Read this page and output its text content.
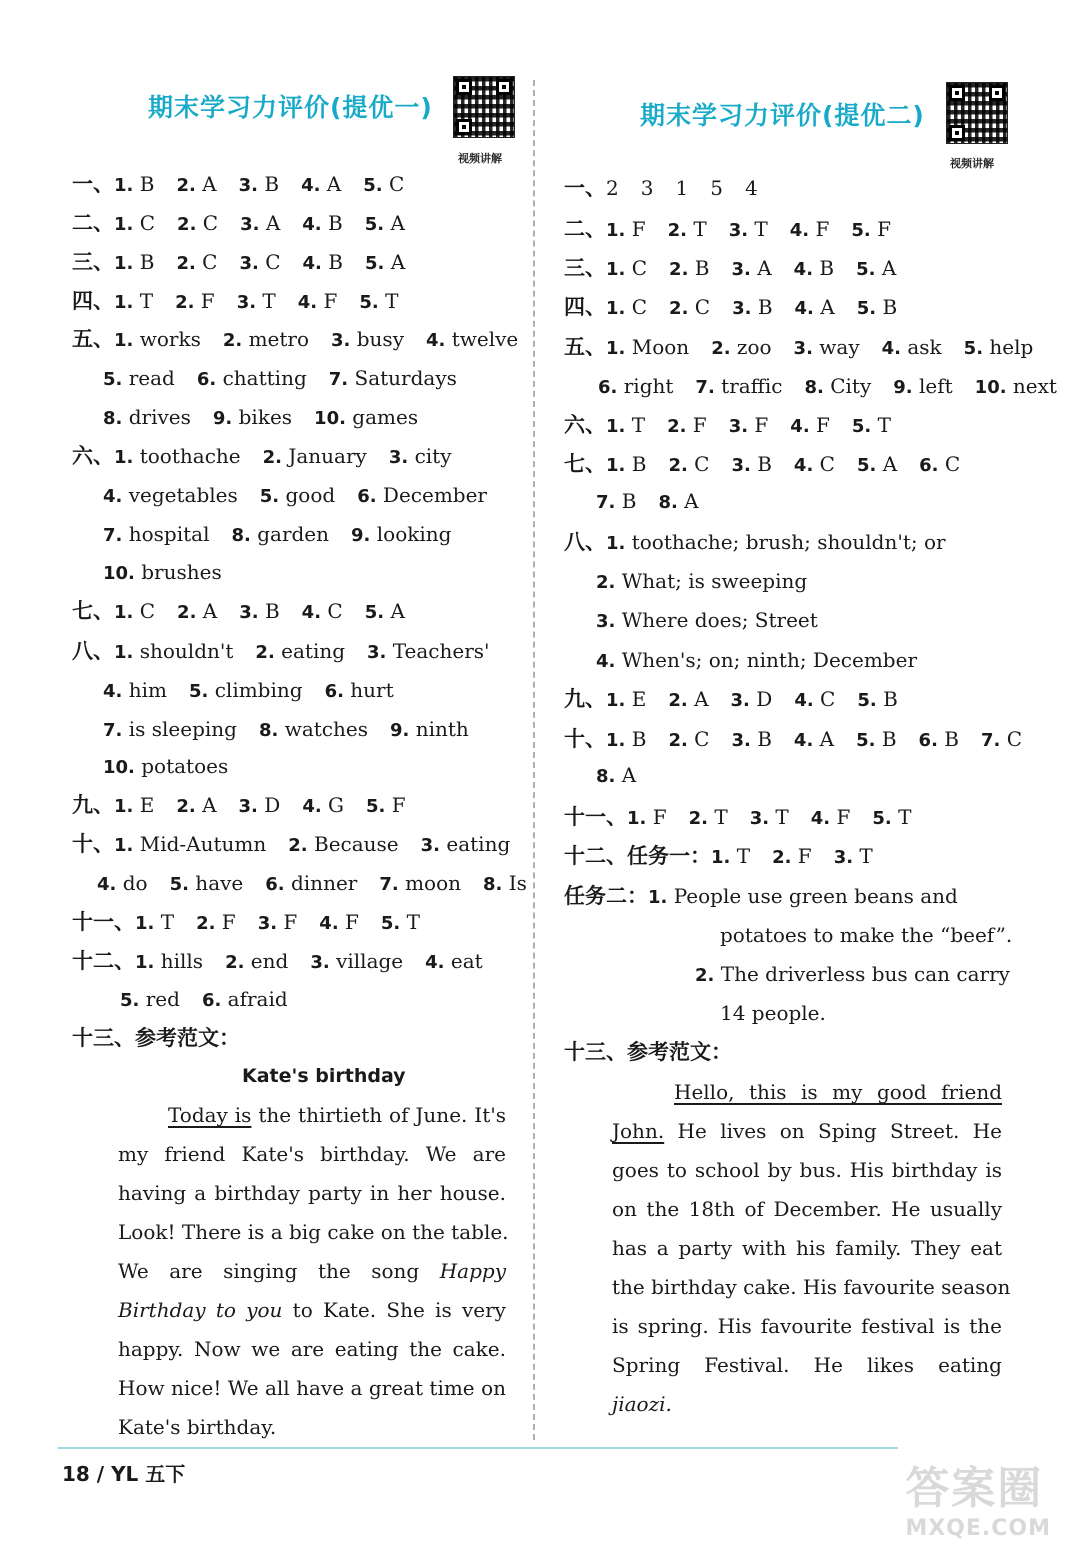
期末学习力评价(提优一)
视频讲解
一、1. B 2. A 3. B 4. A 5. C
二、1. C 2. C 3. A 4. B 5. A
三、1. B 2. C 3. C 4. B 5. A
四、1. T 2. F 3. T 4. F 5. T
五、1. works 2. metro 3. busy 4. twelve
5. read 6. chatting 7. Saturdays
8. drives 9. bikes 10. games
六、1. toothache 2. January 3. city
4. vegetables 5. good 6. December
7. hospital 8. garden 9. looking
10. brushes
七、1. C 2. A 3. B 4. C 5. A
八、1. shouldn't 2. eating 3. Teachers'
4. him 5. climbing 6. hurt
7. is sleeping 8. watches 9. ninth
10. potatoes
九、1. E 2. A 3. D 4. G 5. F
十、1. Mid-Autumn 2. Because 3. eating
4. do 5. have 6. dinner 7. moon 8. Is
十一、1. T 2. F 3. F 4. F 5. T
十二、1. hills 2. end 3. village 4. eat
5. red 6. afraid
十三、参考范文：
Kate's birthday
Today is the thirtieth of June. It's
my friend Kate's birthday. We are
having a birthday party in her house.
Look! There is a big cake on the table.
We are singing the song Happy
Birthday to you to Kate. She is very
happy. Now we are eating the cake.
How nice! We all have a great time on
Kate's birthday.
期末学习力评价(提优二)
视频讲解
一、2 3 1 5 4
二、1. F 2. T 3. T 4. F 5. F
三、1. C 2. B 3. A 4. B 5. A
四、1. C 2. C 3. B 4. A 5. B
五、1. Moon 2. zoo 3. way 4. ask 5. help
6. right 7. traffic 8. City 9. left 10. next
六、1. T 2. F 3. F 4. F 5. T
七、1. B 2. C 3. B 4. C 5. A 6. C
7. B 8. A
八、1. toothache; brush; shouldn't; or
2. What; is sweeping
3. Where does; Street
4. When's; on; ninth; December
九、1. E 2. A 3. D 4. C 5. B
十、1. B 2. C 3. B 4. A 5. B 6. B 7. C
8. A
十一、1. F 2. T 3. T 4. F 5. T
十二、任务一：1. T 2. F 3. T
任务二：1. People use green beans and
potatoes to make the “beef”.
2. The driverless bus can carry
14 people.
十三、参考范文：
Hello, this is my good friend
John. He lives on Sping Street. He
goes to school by bus. His birthday is
on the 18th of December. He usually
has a party with his family. They eat
the birthday cake. His favourite season
is spring. His favourite festival is the
Spring Festival. He likes eating
jiaozi.
18 / YL 五下	答案圈
MXQE.COM
